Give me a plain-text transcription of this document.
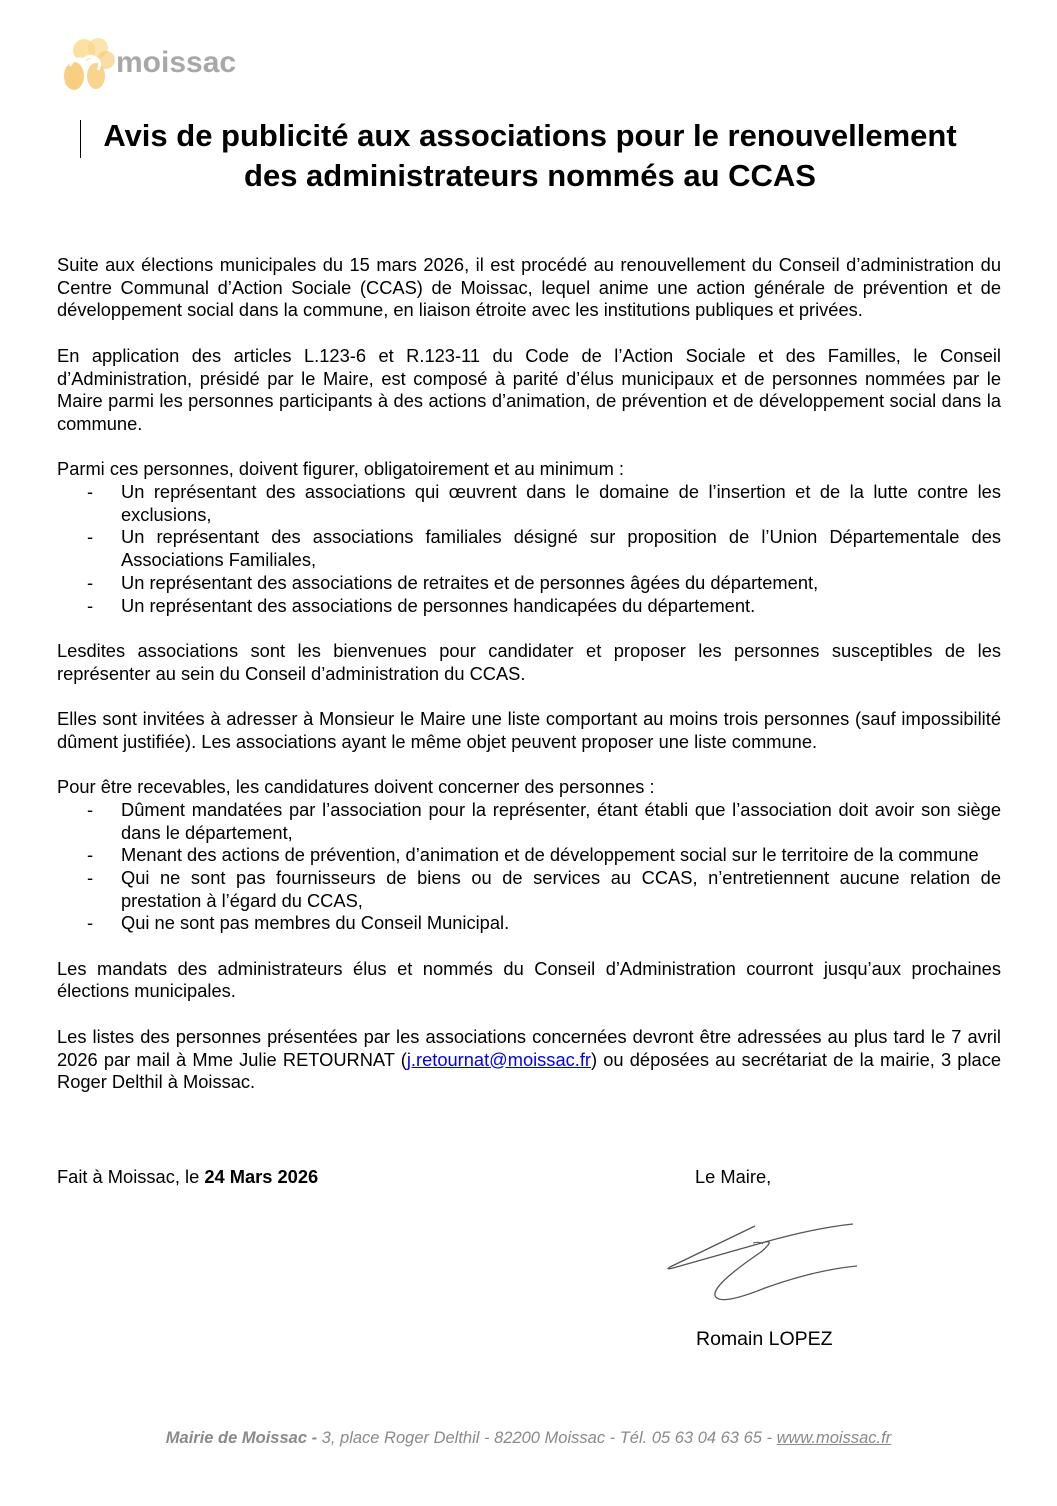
moissac
Avis de publicité aux associations pour le renouvellement
des administrateurs nommés au CCAS

Suite aux élections municipales du 15 mars 2026, il est procédé au renouvellement du Conseil d’administration du Centre Communal d’Action Sociale (CCAS) de Moissac, lequel anime une action générale de prévention et de développement social dans la commune, en liaison étroite avec les institutions publiques et privées.

En application des articles L.123-6 et R.123-11 du Code de l’Action Sociale et des Familles, le Conseil d’Administration, présidé par le Maire, est composé à parité d’élus municipaux et de personnes nommées par le Maire parmi les personnes participants à des actions d’animation, de prévention et de développement social dans la commune.

Parmi ces personnes, doivent figurer, obligatoirement et au minimum :

- Un représentant des associations qui œuvrent dans le domaine de l’insertion et de la lutte contre les exclusions,
- Un représentant des associations familiales désigné sur proposition de l’Union Départementale des Associations Familiales,
- Un représentant des associations de retraites et de personnes âgées du département,
- Un représentant des associations de personnes handicapées du département.

Lesdites associations sont les bienvenues pour candidater et proposer les personnes susceptibles de les représenter au sein du Conseil d’administration du CCAS.

Elles sont invitées à adresser à Monsieur le Maire une liste comportant au moins trois personnes (sauf impossibilité dûment justifiée). Les associations ayant le même objet peuvent proposer une liste commune.

Pour être recevables, les candidatures doivent concerner des personnes :

- Dûment mandatées par l’association pour la représenter, étant établi que l’association doit avoir son siège dans le département,
- Menant des actions de prévention, d’animation et de développement social sur le territoire de la commune
- Qui ne sont pas fournisseurs de biens ou de services au CCAS, n’entretiennent aucune relation de prestation à l’égard du CCAS,
- Qui ne sont pas membres du Conseil Municipal.

Les mandats des administrateurs élus et nommés du Conseil d’Administration courront jusqu’aux prochaines élections municipales.

Les listes des personnes présentées par les associations concernées devront être adressées au plus tard le 7 avril 2026 par mail à Mme Julie RETOURNAT (j.retournat@moissac.fr) ou déposées au secrétariat de la mairie, 3 place Roger Delthil à Moissac.

Fait à Moissac, le 24 Mars 2026	Le Maire,
Romain LOPEZ
Mairie de Moissac - 3, place Roger Delthil - 82200 Moissac - Tél. 05 63 04 63 65 - www.moissac.fr
